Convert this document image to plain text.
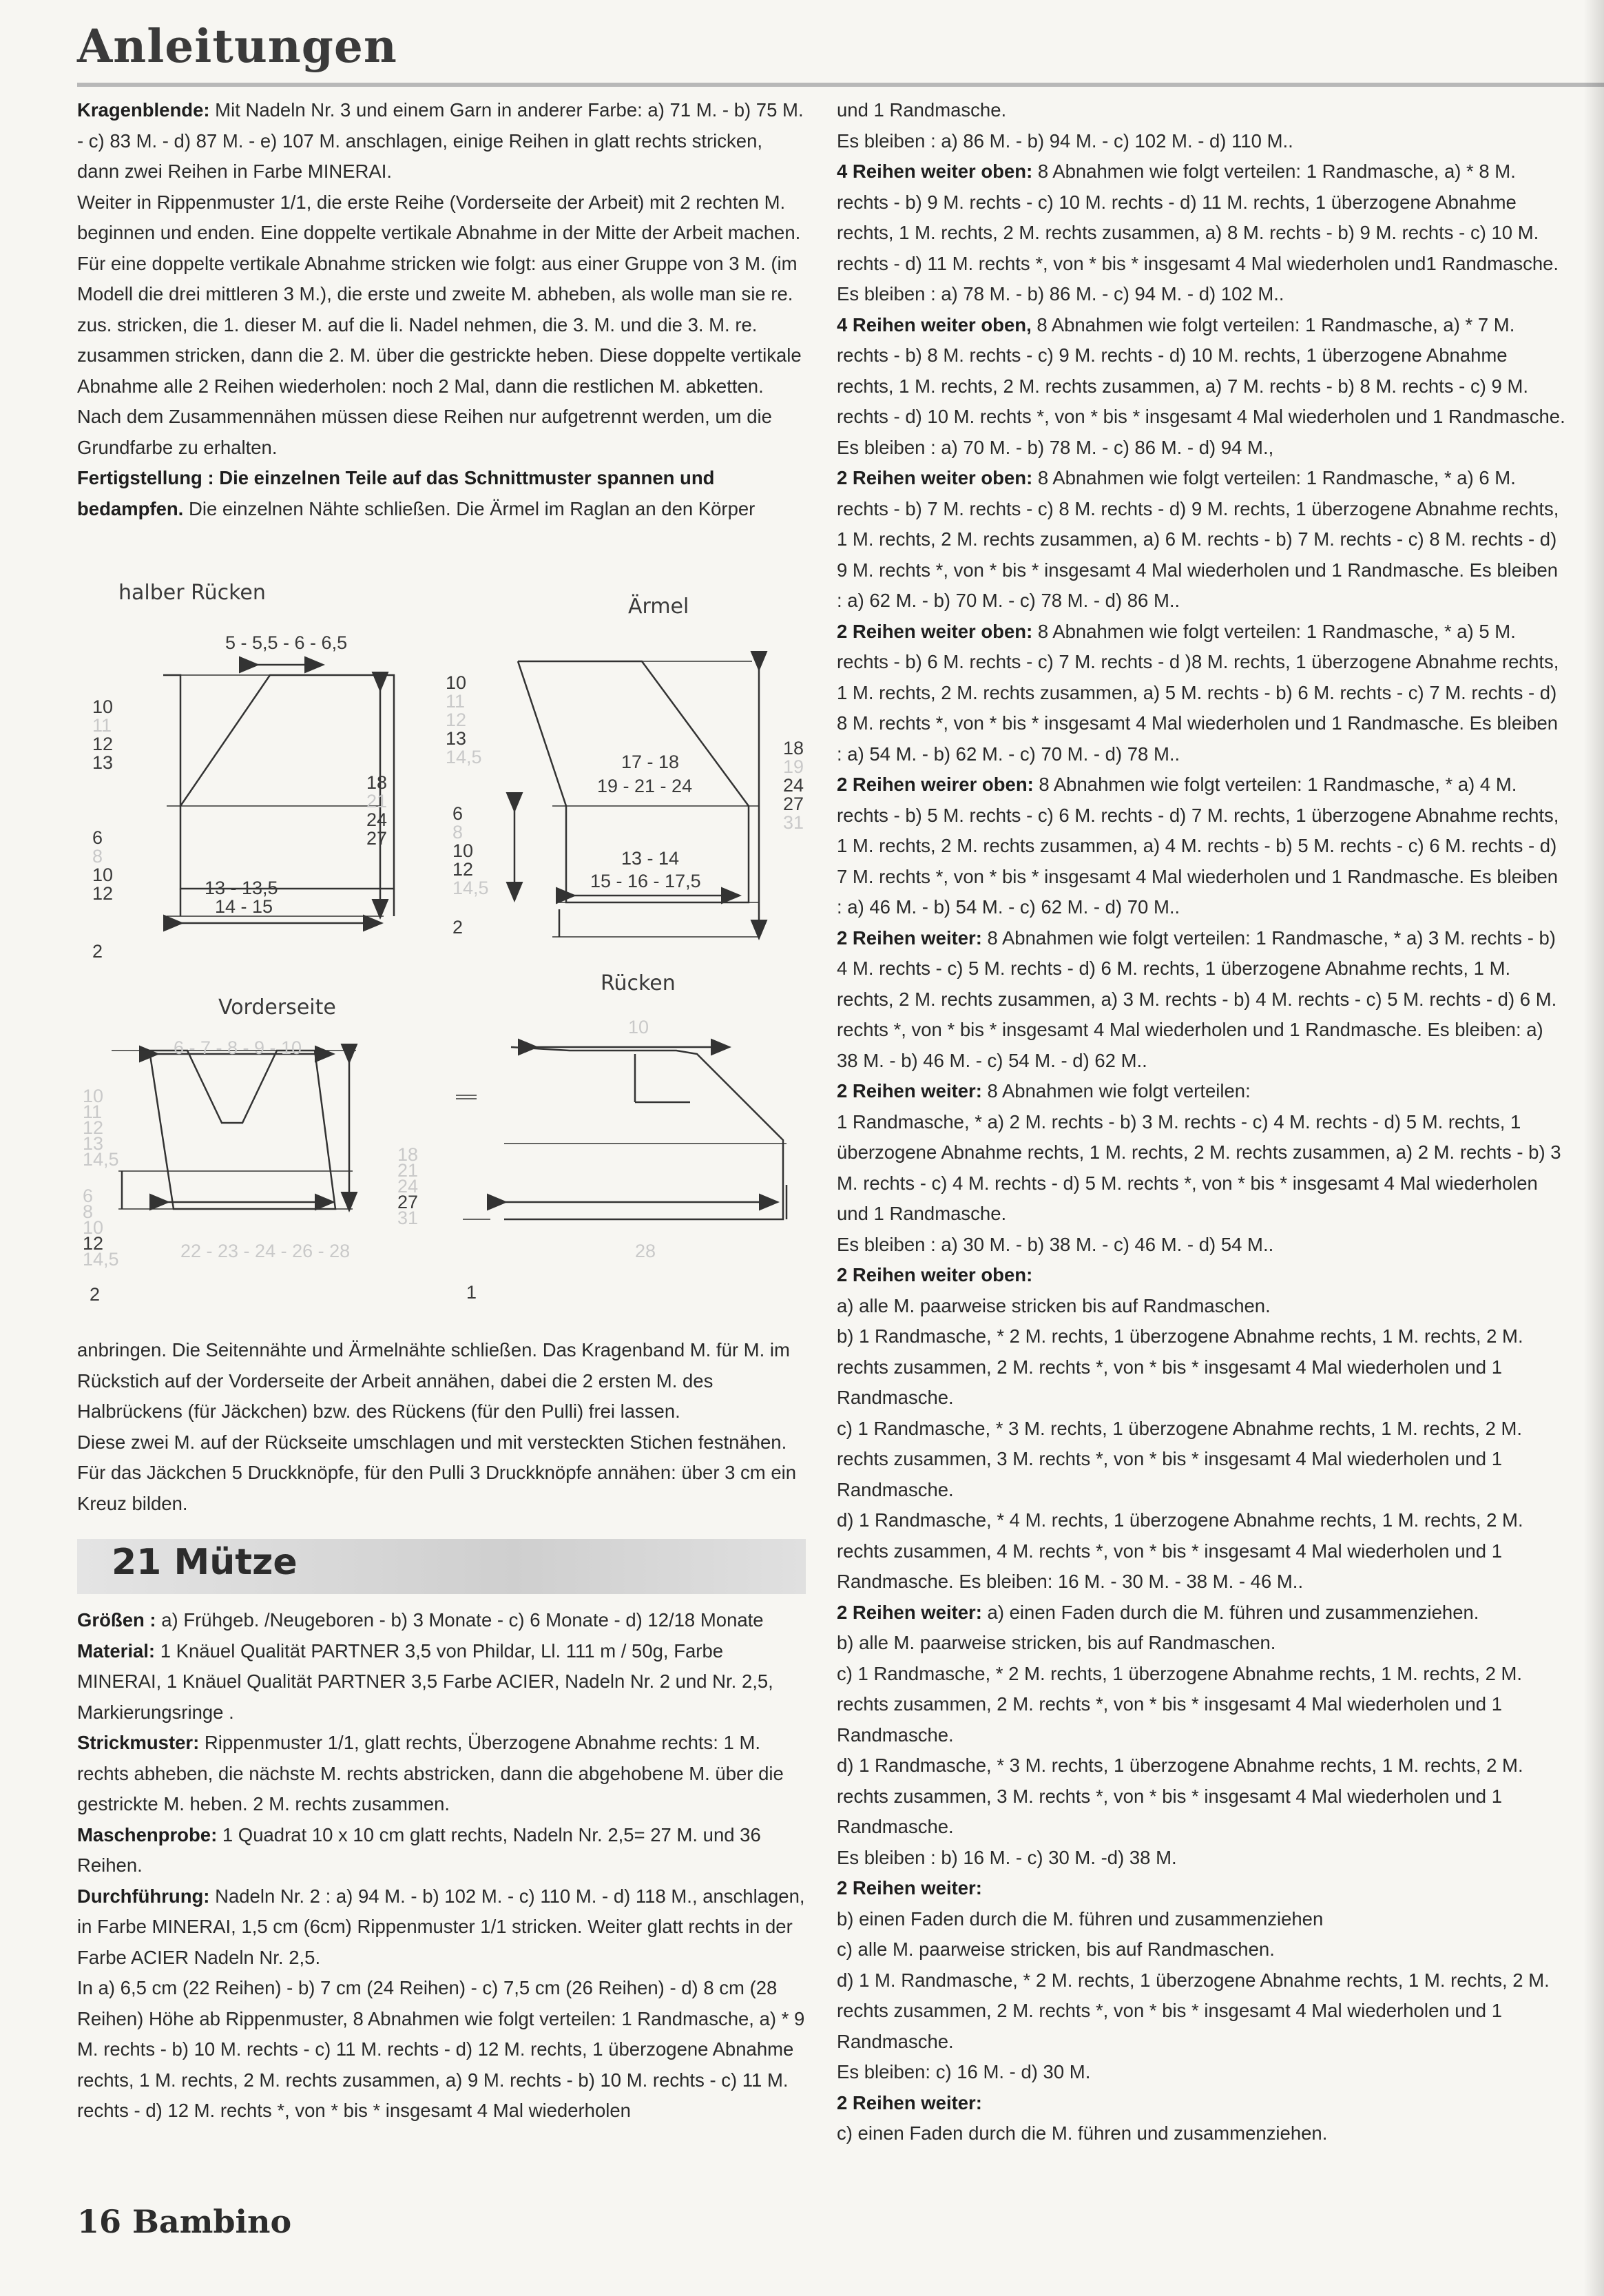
Anleitungen

Kragenblende: Mit Nadeln Nr. 3 und einem Garn in anderer Farbe: a) 71 M. - b) 75 M. - c) 83 M. - d) 87 M. - e) 107 M. anschlagen, einige Reihen in glatt rechts stricken, dann zwei Reihen in Farbe MINERAI.

Weiter in Rippenmuster 1/1, die erste Reihe (Vorderseite der Arbeit) mit 2 rechten M. beginnen und enden. Eine doppelte vertikale Abnahme in der Mitte der Arbeit machen. Für eine doppelte vertikale Abnahme stricken wie folgt: aus einer Gruppe von 3 M. (im Modell die drei mittleren 3 M.), die erste und zweite M. abheben, als wolle man sie re. zus. stricken, die 1. dieser M. auf die li. Nadel nehmen, die 3. M. und die 3. M. re. zusammen stricken, dann die 2. M. über die gestrickte heben. Diese doppelte vertikale Abnahme alle 2 Reihen wiederholen: noch 2 Mal, dann die restlichen M. abketten.

Nach dem Zusammennähen müssen diese Reihen nur aufgetrennt werden, um die Grundfarbe zu erhalten.

Fertigstellung : Die einzelnen Teile auf das Schnittmuster spannen und bedampfen. Die einzelnen Nähte schließen. Die Ärmel im Raglan an den Körper

halber Rücken
Ärmel
Vorderseite
Rücken
5 - 5,5 - 6 - 6,5
10
11
12
13
6
8
10
12
2
18
21
24
27
13 - 13,5
14 - 15
10
11
12
13
14,5
6
8
10
12
14,5
2
18
19
24
27
31
17 - 18
19 - 21 - 24
13 - 14
15 - 16 - 17,5
6 - 7 - 8 - 9 - 10
10
11
12
13
14,5
6
8
10
12
14,5
2
18
21
24
27
31
22 - 23 - 24 - 26 - 28
10
28
1

anbringen. Die Seitennähte und Ärmelnähte schließen. Das Kragenband M. für M. im Rückstich auf der Vorderseite der Arbeit annähen, dabei die 2 ersten M. des Halbrückens (für Jäckchen) bzw. des Rückens (für den Pulli) frei lassen.

Diese zwei M. auf der Rückseite umschlagen und mit versteckten Stichen festnähen. Für das Jäckchen 5 Druckknöpfe, für den Pulli 3 Druckknöpfe annähen: über 3 cm ein Kreuz bilden.

21 Mütze

Größen : a) Frühgeb. /Neugeboren - b) 3 Monate - c) 6 Monate - d) 12/18 Monate

Material: 1 Knäuel Qualität PARTNER 3,5 von Phildar, Ll. 111 m / 50g, Farbe MINERAI, 1 Knäuel Qualität PARTNER 3,5 Farbe ACIER, Nadeln Nr. 2 und Nr. 2,5, Markierungsringe .

Strickmuster: Rippenmuster 1/1, glatt rechts, Überzogene Abnahme rechts: 1 M. rechts abheben, die nächste M. rechts abstricken, dann die abgehobene M. über die gestrickte M. heben. 2 M. rechts zusammen.

Maschenprobe: 1 Quadrat 10 x 10 cm glatt rechts, Nadeln Nr. 2,5= 27 M. und 36 Reihen.

Durchführung: Nadeln Nr. 2 : a) 94 M. - b) 102 M. - c) 110 M. - d) 118 M., anschlagen, in Farbe MINERAI, 1,5 cm (6cm) Rippenmuster 1/1 stricken. Weiter glatt rechts in der Farbe ACIER Nadeln Nr. 2,5.

In a) 6,5 cm (22 Reihen) - b) 7 cm (24 Reihen) - c) 7,5 cm (26 Reihen) - d) 8 cm (28 Reihen) Höhe ab Rippenmuster, 8 Abnahmen wie folgt verteilen: 1 Randmasche, a) * 9 M. rechts - b) 10 M. rechts - c) 11 M. rechts - d) 12 M. rechts, 1 überzogene Abnahme rechts, 1 M. rechts, 2 M. rechts zusammen, a) 9 M. rechts - b) 10 M. rechts - c) 11 M. rechts - d) 12 M. rechts *, von * bis * insgesamt 4 Mal wiederholen

und 1 Randmasche.

Es bleiben : a) 86 M. - b) 94 M. - c) 102 M. - d) 110 M..

4 Reihen weiter oben: 8 Abnahmen wie folgt verteilen: 1 Randmasche, a) * 8 M. rechts - b) 9 M. rechts - c) 10 M. rechts - d) 11 M. rechts, 1 überzogene Abnahme rechts, 1 M. rechts, 2 M. rechts zusammen, a) 8 M. rechts - b) 9 M. rechts - c) 10 M. rechts - d) 11 M. rechts *, von * bis * insgesamt 4 Mal wiederholen und1 Randmasche. Es bleiben : a) 78 M. - b) 86 M. - c) 94 M. - d) 102 M..

4 Reihen weiter oben, 8 Abnahmen wie folgt verteilen: 1 Randmasche, a) * 7 M. rechts - b) 8 M. rechts - c) 9 M. rechts - d) 10 M. rechts, 1 überzogene Abnahme rechts, 1 M. rechts, 2 M. rechts zusammen, a) 7 M. rechts - b) 8 M. rechts - c) 9 M. rechts - d) 10 M. rechts *, von * bis * insgesamt 4 Mal wiederholen und 1 Randmasche. Es bleiben : a) 70 M. - b) 78 M. - c) 86 M. - d) 94 M.,

2 Reihen weiter oben: 8 Abnahmen wie folgt verteilen: 1 Randmasche, * a) 6 M. rechts - b) 7 M. rechts - c) 8 M. rechts - d) 9 M. rechts, 1 überzogene Abnahme rechts, 1 M. rechts, 2 M. rechts zusammen, a) 6 M. rechts - b) 7 M. rechts - c) 8 M. rechts - d) 9 M. rechts *, von * bis * insgesamt 4 Mal wiederholen und 1 Randmasche. Es bleiben : a) 62 M. - b) 70 M. - c) 78 M. - d) 86 M..

2 Reihen weiter oben: 8 Abnahmen wie folgt verteilen: 1 Randmasche, * a) 5 M. rechts - b) 6 M. rechts - c) 7 M. rechts - d )8 M. rechts, 1 überzogene Abnahme rechts, 1 M. rechts, 2 M. rechts zusammen, a) 5 M. rechts - b) 6 M. rechts - c) 7 M. rechts - d) 8 M. rechts *, von * bis * insgesamt 4 Mal wiederholen und 1 Randmasche. Es bleiben : a) 54 M. - b) 62 M. - c) 70 M. - d) 78 M..

2 Reihen weirer oben: 8 Abnahmen wie folgt verteilen: 1 Randmasche, * a) 4 M. rechts - b) 5 M. rechts - c) 6 M. rechts - d) 7 M. rechts, 1 überzogene Abnahme rechts, 1 M. rechts, 2 M. rechts zusammen, a) 4 M. rechts - b) 5 M. rechts - c) 6 M. rechts - d) 7 M. rechts *, von * bis * insgesamt 4 Mal wiederholen und 1 Randmasche. Es bleiben : a) 46 M. - b) 54 M. - c) 62 M. - d) 70 M..

2 Reihen weiter: 8 Abnahmen wie folgt verteilen: 1 Randmasche, * a) 3 M. rechts - b) 4 M. rechts - c) 5 M. rechts - d) 6 M. rechts, 1 überzogene Abnahme rechts, 1 M. rechts, 2 M. rechts zusammen, a) 3 M. rechts - b) 4 M. rechts - c) 5 M. rechts - d) 6 M. rechts *, von * bis * insgesamt 4 Mal wiederholen und 1 Randmasche. Es bleiben: a) 38 M. - b) 46 M. - c) 54 M. - d) 62 M..

2 Reihen weiter: 8 Abnahmen wie folgt verteilen:

1 Randmasche, * a) 2 M. rechts - b) 3 M. rechts - c) 4 M. rechts - d) 5 M. rechts, 1 überzogene Abnahme rechts, 1 M. rechts, 2 M. rechts zusammen, a) 2 M. rechts - b) 3 M. rechts - c) 4 M. rechts - d) 5 M. rechts *, von * bis * insgesamt 4 Mal wiederholen und 1 Randmasche.

Es bleiben : a) 30 M. - b) 38 M. - c) 46 M. - d) 54 M..

2 Reihen weiter oben:

a) alle M. paarweise stricken bis auf Randmaschen.

b) 1 Randmasche, * 2 M. rechts, 1 überzogene Abnahme rechts, 1 M. rechts, 2 M. rechts zusammen, 2 M. rechts *, von * bis * insgesamt 4 Mal wiederholen und 1 Randmasche.

c) 1 Randmasche, * 3 M. rechts, 1 überzogene Abnahme rechts, 1 M. rechts, 2 M. rechts zusammen, 3 M. rechts *, von * bis * insgesamt 4 Mal wiederholen und 1 Randmasche.

d) 1 Randmasche, * 4 M. rechts, 1 überzogene Abnahme rechts, 1 M. rechts, 2 M. rechts zusammen, 4 M. rechts *, von * bis * insgesamt 4 Mal wiederholen und 1 Randmasche. Es bleiben: 16 M. - 30 M. - 38 M. - 46 M..

2 Reihen weiter: a) einen Faden durch die M. führen und zusammenziehen.

b) alle M. paarweise stricken, bis auf Randmaschen.

c) 1 Randmasche, * 2 M. rechts, 1 überzogene Abnahme rechts, 1 M. rechts, 2 M. rechts zusammen, 2 M. rechts *, von * bis * insgesamt 4 Mal wiederholen und 1 Randmasche.

d) 1 Randmasche, * 3 M. rechts, 1 überzogene Abnahme rechts, 1 M. rechts, 2 M. rechts zusammen, 3 M. rechts *, von * bis * insgesamt 4 Mal wiederholen und 1 Randmasche.

Es bleiben : b) 16 M. - c) 30 M. -d) 38 M.

2 Reihen weiter:

b) einen Faden durch die M. führen und zusammenziehen

c) alle M. paarweise stricken, bis auf Randmaschen.

d) 1 M. Randmasche, * 2 M. rechts, 1 überzogene Abnahme rechts, 1 M. rechts, 2 M. rechts zusammen, 2 M. rechts *, von * bis * insgesamt 4 Mal wiederholen und 1 Randmasche.

Es bleiben: c) 16 M. - d) 30 M.

2 Reihen weiter:

c) einen Faden durch die M. führen und zusammenziehen.

16 Bambino
